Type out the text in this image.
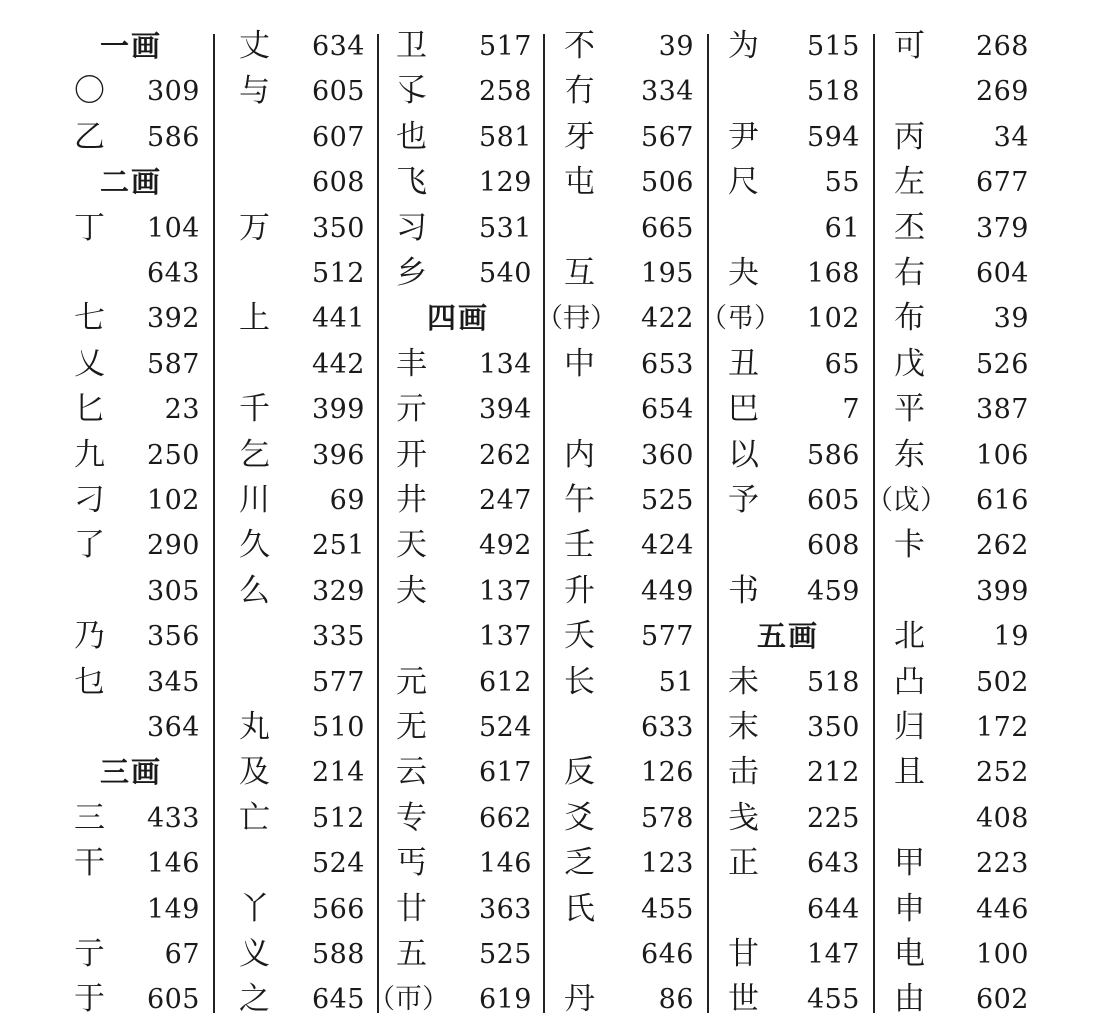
一画
〇 309
乙 586
二画
丁 104
643
七 392
乂 587
匕 23
九 250
刁 102
了 290
305
乃 356
乜 345
364
三画
三 433
干 146
149
亍 67
于 605
丈 634
与 605
607
608
万 350
512
上 441
442
千 399
乞 396
川 69
久 251
么 329
335
577
丸 510
及 214
亡 512
524
丫 566
义 588
之 645
卫 517
孓 258
也 581
飞 129
习 531
乡 540
四画
丰 134
亓 394
开 262
井 247
天 492
夫 137
137
元 612
无 524
云 617
专 662
丐 146
廿 363
五 525
（帀） 619
不 39
冇 334
牙 567
屯 506
665
互 195
（冄） 422
中 653
654
内 360
午 525
壬 424
升 449
夭 577
长 51
633
反 126
爻 578
乏 123
氏 455
646
丹 86
为 515
518
尹 594
尺 55
61
夬 168
（弔） 102
丑 65
巴	7
以 586
予 605
608
书 459
五画
未 518
末 350
击 212
戋 225
正 643
644
甘 147
世 455
可 268
269
丙	34
左 677
丕 379
右 604
布	39
戊 526
平 387
东 106
（戉） 616
卡 262
399
北	19
凸 502
归 172
且 252
408
甲 223
申 446
电 100
由 602
